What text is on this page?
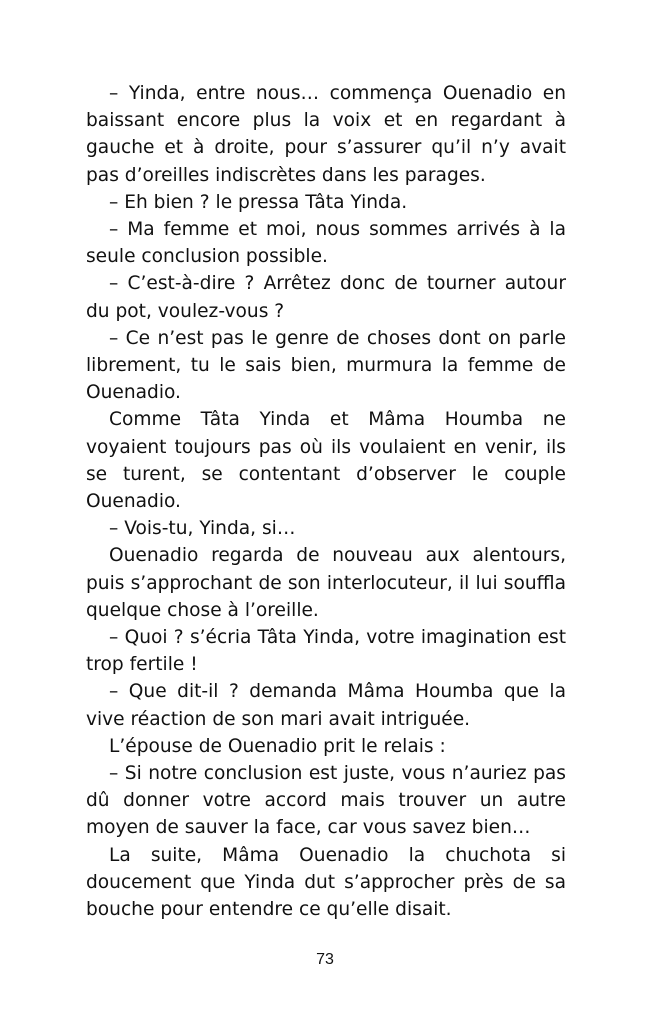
– Yinda, entre nous… commença Ouenadio en baissant encore plus la voix et en regardant à gauche et à droite, pour s’assurer qu’il n’y avait pas d’oreilles indiscrètes dans les parages.

– Eh bien ? le pressa Tâta Yinda.

– Ma femme et moi, nous sommes arrivés à la seule conclusion possible.

– C’est-à-dire ? Arrêtez donc de tourner autour du pot, voulez-vous ?

– Ce n’est pas le genre de choses dont on parle librement, tu le sais bien, murmura la femme de Ouenadio.

Comme Tâta Yinda et Mâma Houmba ne voyaient toujours pas où ils voulaient en venir, ils se turent, se contentant d’observer le couple Ouenadio.

– Vois-tu, Yinda, si…

Ouenadio regarda de nouveau aux alentours, puis s’approchant de son interlocuteur, il lui souffla quelque chose à l’oreille.

– Quoi ? s’écria Tâta Yinda, votre imagination est trop fertile !

– Que dit-il ? demanda Mâma Houmba que la vive réaction de son mari avait intriguée.

L’épouse de Ouenadio prit le relais :

– Si notre conclusion est juste, vous n’auriez pas dû donner votre accord mais trouver un autre moyen de sauver la face, car vous savez bien…

La suite, Mâma Ouenadio la chuchota si doucement que Yinda dut s’approcher près de sa bouche pour entendre ce qu’elle disait.

73
